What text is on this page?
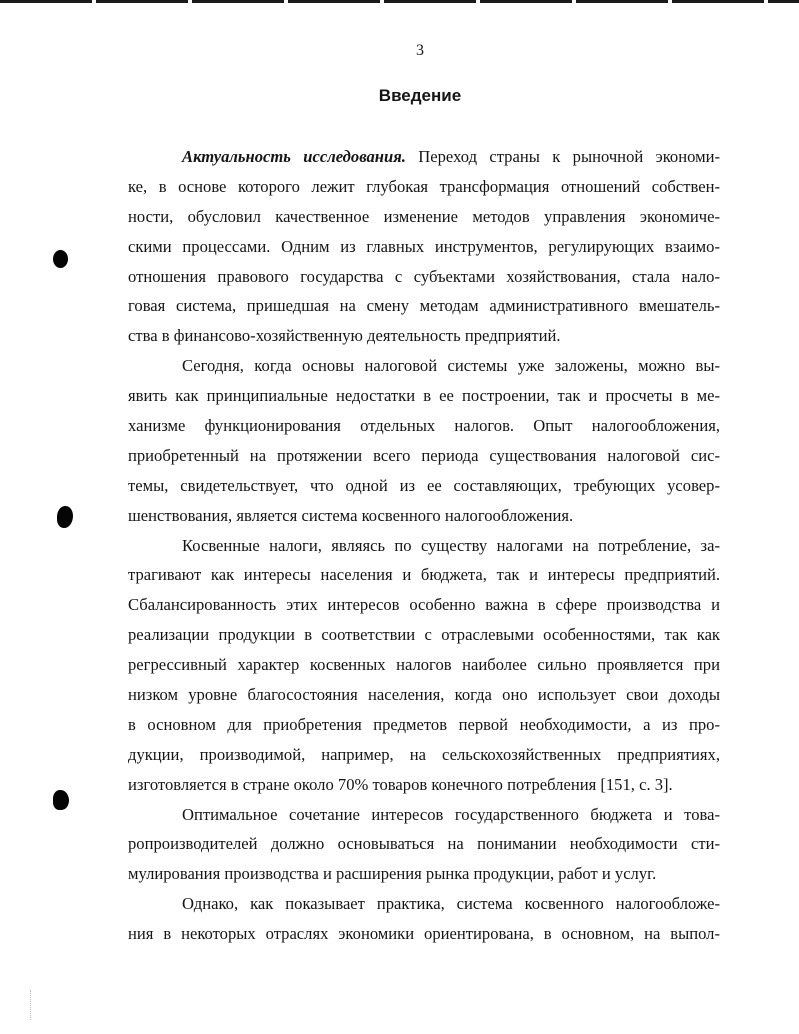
3
Введение
Актуальность исследования. Переход страны к рыночной экономи-
ке, в основе которого лежит глубокая трансформация отношений собствен-
ности, обусловил качественное изменение методов управления экономиче-
скими процессами. Одним из главных инструментов, регулирующих взаимо-
отношения правового государства с субъектами хозяйствования, стала нало-
говая система, пришедшая на смену методам административного вмешатель-
ства в финансово-хозяйственную деятельность предприятий.
Сегодня, когда основы налоговой системы уже заложены, можно вы-
явить как принципиальные недостатки в ее построении, так и просчеты в ме-
ханизме функционирования отдельных налогов. Опыт налогообложения,
приобретенный на протяжении всего периода существования налоговой сис-
темы, свидетельствует, что одной из ее составляющих, требующих усовер-
шенствования, является система косвенного налогообложения.
Косвенные налоги, являясь по существу налогами на потребление, за-
трагивают как интересы населения и бюджета, так и интересы предприятий.
Сбалансированность этих интересов особенно важна в сфере производства и
реализации продукции в соответствии с отраслевыми особенностями, так как
регрессивный характер косвенных налогов наиболее сильно проявляется при
низком уровне благосостояния населения, когда оно использует свои доходы
в основном для приобретения предметов первой необходимости, а из про-
дукции, производимой, например, на сельскохозяйственных предприятиях,
изготовляется в стране около 70% товаров конечного потребления [151, с. 3].
Оптимальное сочетание интересов государственного бюджета и това-
ропроизводителей должно основываться на понимании необходимости сти-
мулирования производства и расширения рынка продукции, работ и услуг.
Однако, как показывает практика, система косвенного налогообложе-
ния в некоторых отраслях экономики ориентирована, в основном, на выпол-
